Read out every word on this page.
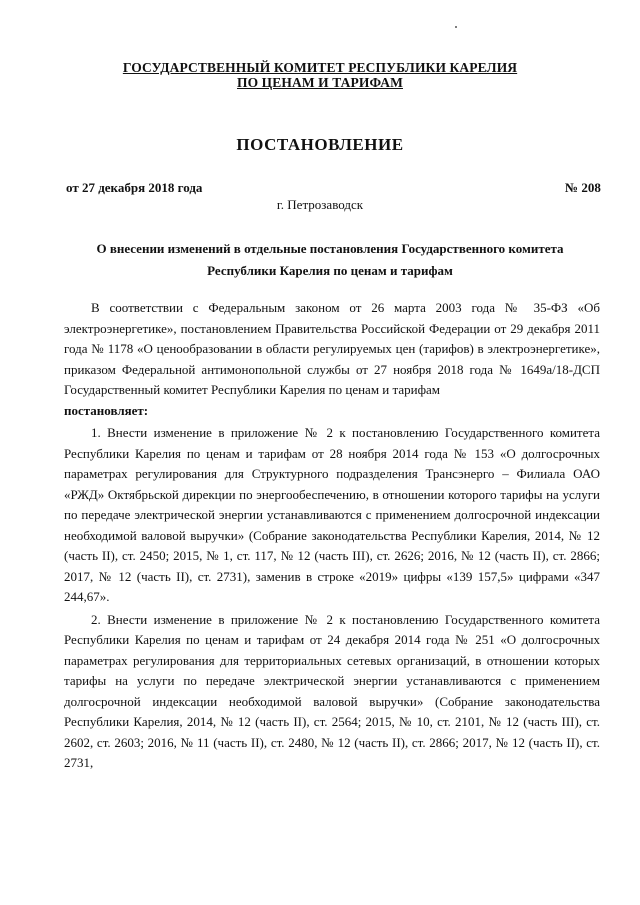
ГОСУДАРСТВЕННЫЙ КОМИТЕТ РЕСПУБЛИКИ КАРЕЛИЯ
ПО ЦЕНАМ И ТАРИФАМ
ПОСТАНОВЛЕНИЕ
от 27 декабря 2018 года	№ 208
г. Петрозаводск
О внесении изменений в отдельные постановления Государственного комитета
Республики Карелия по ценам и тарифам

В соответствии с Федеральным законом от 26 марта 2003 года № 35-ФЗ «Об электроэнергетике», постановлением Правительства Российской Федерации от 29 декабря 2011 года № 1178 «О ценообразовании в области регулируемых цен (тарифов) в электроэнергетике», приказом Федеральной антимонопольной службы от 27 ноября 2018 года № 1649а/18-ДСП Государственный комитет Республики Карелия по ценам и тарифам

постановляет:

1. Внести изменение в приложение № 2 к постановлению Государственного комитета Республики Карелия по ценам и тарифам от 28 ноября 2014 года № 153 «О долгосрочных параметрах регулирования для Структурного подразделения Трансэнерго – Филиала ОАО «РЖД» Октябрьской дирекции по энергообеспечению, в отношении которого тарифы на услуги по передаче электрической энергии устанавливаются с применением долгосрочной индексации необходимой валовой выручки» (Собрание законодательства Республики Карелия, 2014, № 12 (часть II), ст. 2450; 2015, № 1, ст. 117, № 12 (часть III), ст. 2626; 2016, № 12 (часть II), ст. 2866; 2017, № 12 (часть II), ст. 2731), заменив в строке «2019» цифры «139 157,5» цифрами «347 244,67».

2. Внести изменение в приложение № 2 к постановлению Государственного комитета Республики Карелия по ценам и тарифам от 24 декабря 2014 года № 251 «О долгосрочных параметрах регулирования для территориальных сетевых организаций, в отношении которых тарифы на услуги по передаче электрической энергии устанавливаются с применением долгосрочной индексации необходимой валовой выручки» (Собрание законодательства Республики Карелия, 2014, № 12 (часть II), ст. 2564; 2015, № 10, ст. 2101, № 12 (часть III), ст. 2602, ст. 2603; 2016, № 11 (часть II), ст. 2480, № 12 (часть II), ст. 2866; 2017, № 12 (часть II), ст. 2731,
